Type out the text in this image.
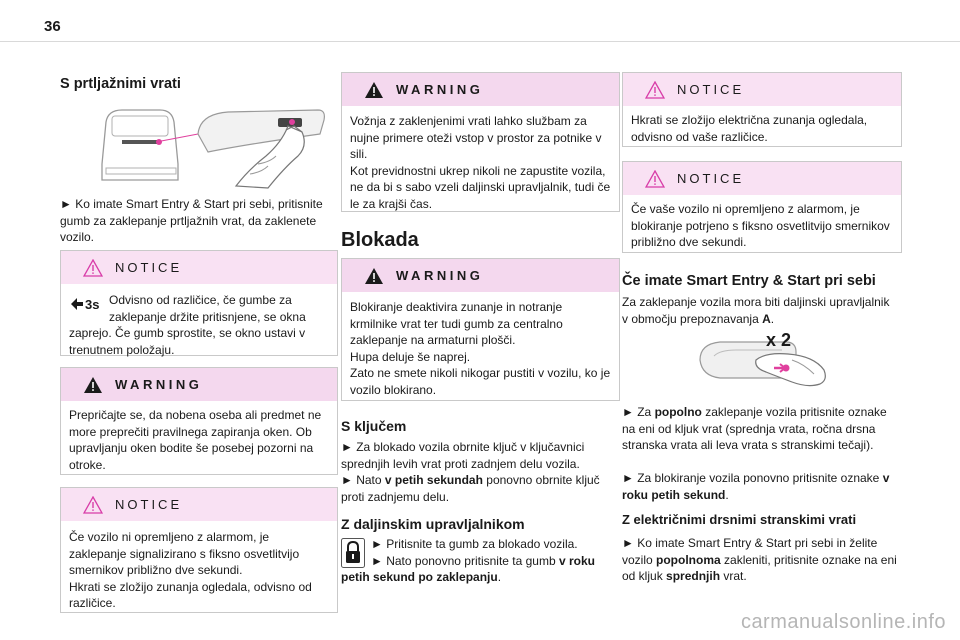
36
S prtljažnimi vrati
► Ko imate Smart Entry & Start pri sebi, pritisnite gumb za zaklepanje prtljažnih vrat, da zaklenete vozilo.
NOTICE
3s Odvisno od različice, če gumbe za zaklepanje držite pritisnjene, se okna zaprejo. Če gumb sprostite, se okno ustavi v trenutnem položaju.
WARNING
Prepričajte se, da nobena oseba ali predmet ne more preprečiti pravilnega zapiranja oken. Ob upravljanju oken bodite še posebej pozorni na otroke.
NOTICE
Če vozilo ni opremljeno z alarmom, je zaklepanje signalizirano s fiksno osvetlitvijo smernikov približno dve sekundi.
Hkrati se zložijo zunanja ogledala, odvisno od različice.
WARNING
Vožnja z zaklenjenimi vrati lahko službam za nujne primere oteži vstop v prostor za potnike v sili.
Kot previdnostni ukrep nikoli ne zapustite vozila, ne da bi s sabo vzeli daljinski upravljalnik, tudi če le za krajši čas.
Blokada
WARNING
Blokiranje deaktivira zunanje in notranje krmilnike vrat ter tudi gumb za centralno zaklepanje na armaturni plošči.
Hupa deluje še naprej.
Zato ne smete nikoli nikogar pustiti v vozilu, ko je vozilo blokirano.
S ključem
► Za blokado vozila obrnite ključ v ključavnici sprednjih levih vrat proti zadnjem delu vozila.
► Nato v petih sekundah ponovno obrnite ključ proti zadnjemu delu.
Z daljinskim upravljalnikom
► Pritisnite ta gumb za blokado vozila.
► Nato ponovno pritisnite ta gumb v roku petih sekund po zaklepanju.
NOTICE
Hkrati se zložijo električna zunanja ogledala, odvisno od vaše različice.
NOTICE
Če vaše vozilo ni opremljeno z alarmom, je blokiranje potrjeno s fiksno osvetlitvijo smernikov približno dve sekundi.
Če imate Smart Entry & Start pri sebi
Za zaklepanje vozila mora biti daljinski upravljalnik v območju prepoznavanja A.
x 2
► Za popolno zaklepanje vozila pritisnite oznake na eni od kljuk vrat (sprednja vrata, ročna drsna stranska vrata ali leva vrata s stranskimi tečaji).
► Za blokiranje vozila ponovno pritisnite oznake v roku petih sekund.
Z električnimi drsnimi stranskimi vrati
► Ko imate Smart Entry & Start pri sebi in želite vozilo popolnoma zakleniti, pritisnite oznake na eni od kljuk sprednjih vrat.
carmanualsonline.info
